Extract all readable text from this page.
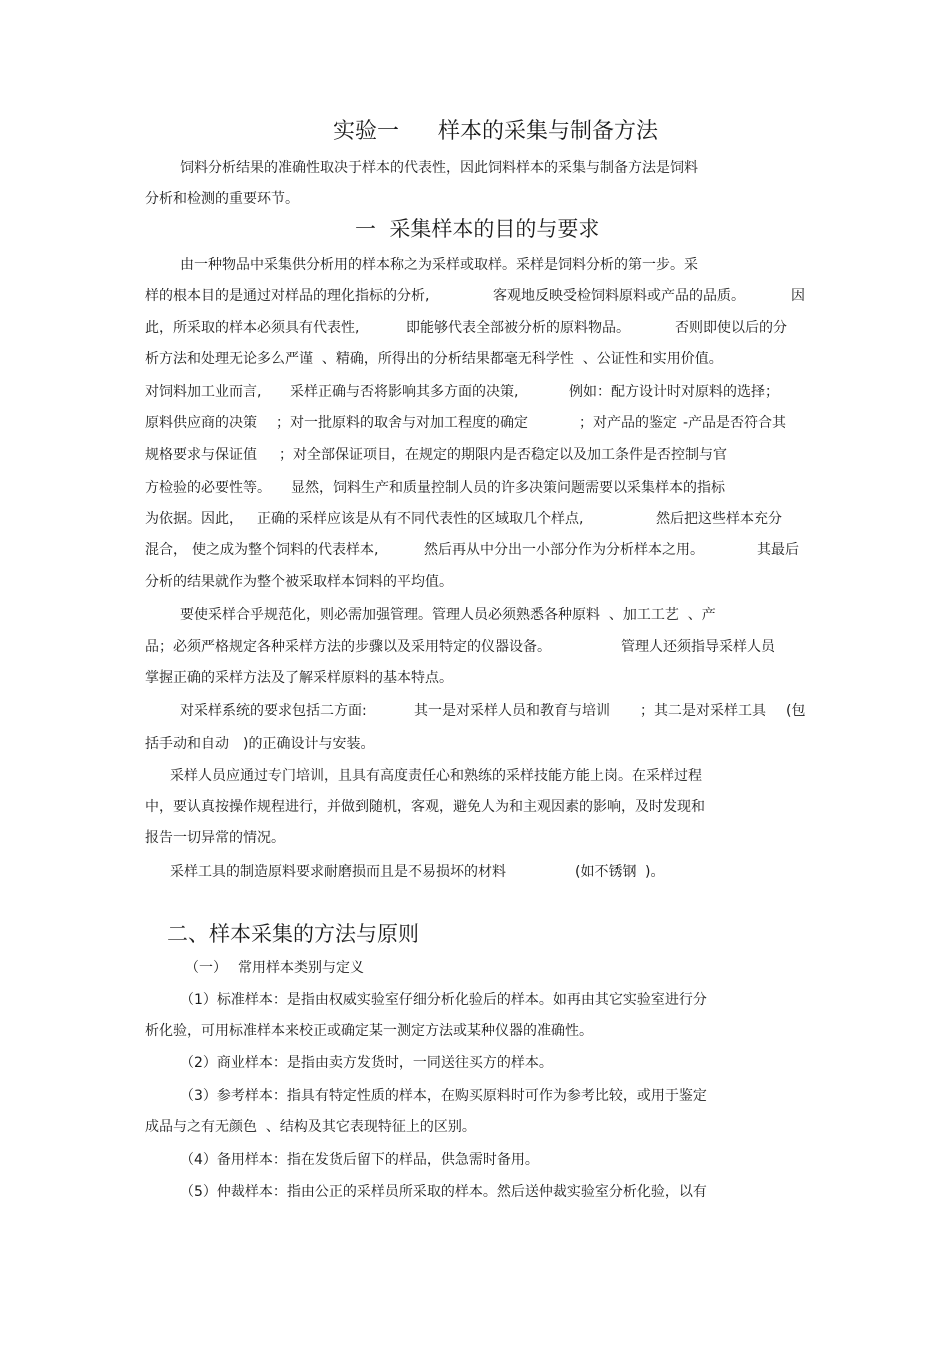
实验一 样本的采集与制备方法
饲料分析结果的准确性取决于样本的代表性，因此饲料样本的采集与制备方法是饲料
分析和检测的重要环节。
一  采集样本的目的与要求
由一种物品中采集供分析用的样本称之为采样或取样。采样是饲料分析的第一步。采
样的根本目的是通过对样品的理化指标的分析,	客观地反映受检饲料原料或产品的品质。	因
此，所采取的样本必须具有代表性,	即能够代表全部被分析的原料物品。	否则即使以后的分
析方法和处理无论多么严谨  、精确，所得出的分析结果都毫无科学性  、公证性和实用价值。
对饲料加工业而言, 采样正确与否将影响其多方面的决策,	例如：配方设计时对原料的选择；
原料供应商的决策 ；对一批原料的取舍与对加工程度的确定	；对产品的鉴定 -产品是否符合其
规格要求与保证值 ；对全部保证项目，在规定的期限内是否稳定以及加工条件是否控制与官
方检验的必要性等。 显然，饲料生产和质量控制人员的许多决策问题需要以采集样本的指标
为依据。因此， 正确的采样应该是从有不同代表性的区域取几个样点,	然后把这些样本充分
混合， 使之成为整个饲料的代表样本,	然后再从中分出一小部分作为分析样本之用。	其最后
分析的结果就作为整个被采取样本饲料的平均值。
要使采样合乎规范化，则必需加强管理。管理人员必须熟悉各种原料  、加工工艺  、产
品；必须严格规定各种采样方法的步骤以及采用特定的仪器设备。	管理人还须指导采样人员
掌握正确的采样方法及了解采样原料的基本特点。
对采样系统的要求包括二方面:	其一是对采样人员和教育与培训 ；其二是对采样工具 (包
括手动和自动 )的正确设计与安装。
采样人员应通过专门培训，且具有高度责任心和熟练的采样技能方能上岗。在采样过程
中，要认真按操作规程进行，并做到随机，客观，避免人为和主观因素的影响，及时发现和
报告一切异常的情况。
采样工具的制造原料要求耐磨损而且是不易损坏的材料	(如不锈钢 )。
二、样本采集的方法与原则
（一） 常用样本类别与定义
（1）标准样本：是指由权威实验室仔细分析化验后的样本。如再由其它实验室进行分
析化验，可用标准样本来校正或确定某一测定方法或某种仪器的准确性。
（2）商业样本：是指由卖方发货时，一同送往买方的样本。
（3）参考样本：指具有特定性质的样本，在购买原料时可作为参考比较，或用于鉴定
成品与之有无颜色  、结构及其它表现特征上的区别。
（4）备用样本：指在发货后留下的样品，供急需时备用。
（5）仲裁样本：指由公正的采样员所采取的样本。然后送仲裁实验室分析化验，以有
